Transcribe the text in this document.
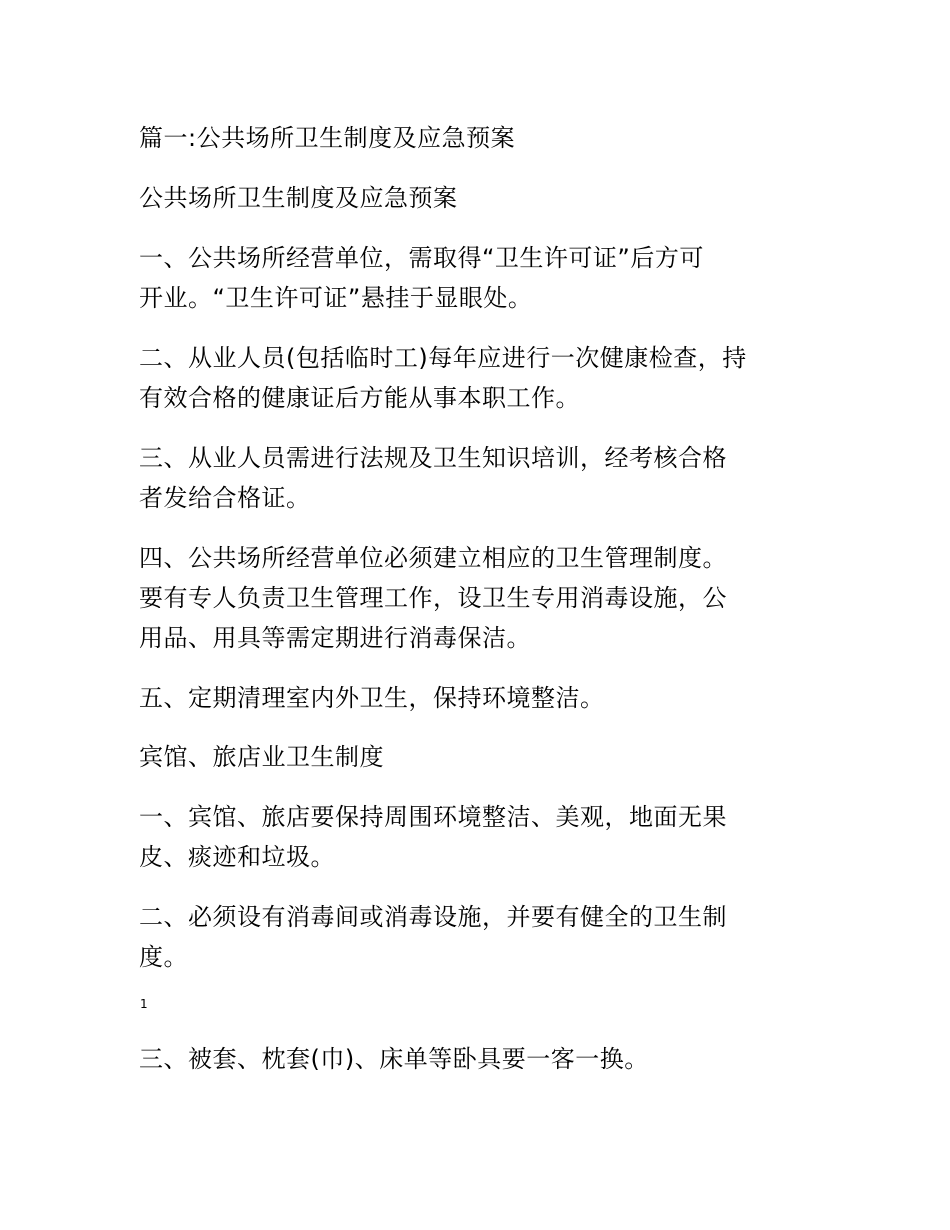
篇一:公共场所卫生制度及应急预案
公共场所卫生制度及应急预案
一、公共场所经营单位，需取得“卫生许可证”后方可
开业。“卫生许可证”悬挂于显眼处。
二、从业人员(包括临时工)每年应进行一次健康检查，持
有效合格的健康证后方能从事本职工作。
三、从业人员需进行法规及卫生知识培训，经考核合格
者发给合格证。
四、公共场所经营单位必须建立相应的卫生管理制度。
要有专人负责卫生管理工作，设卫生专用消毒设施，公
用品、用具等需定期进行消毒保洁。
五、定期清理室内外卫生，保持环境整洁。
宾馆、旅店业卫生制度
一、宾馆、旅店要保持周围环境整洁、美观，地面无果
皮、痰迹和垃圾。
二、必须设有消毒间或消毒设施，并要有健全的卫生制
度。
1
三、被套、枕套(巾)、床单等卧具要一客一换。
